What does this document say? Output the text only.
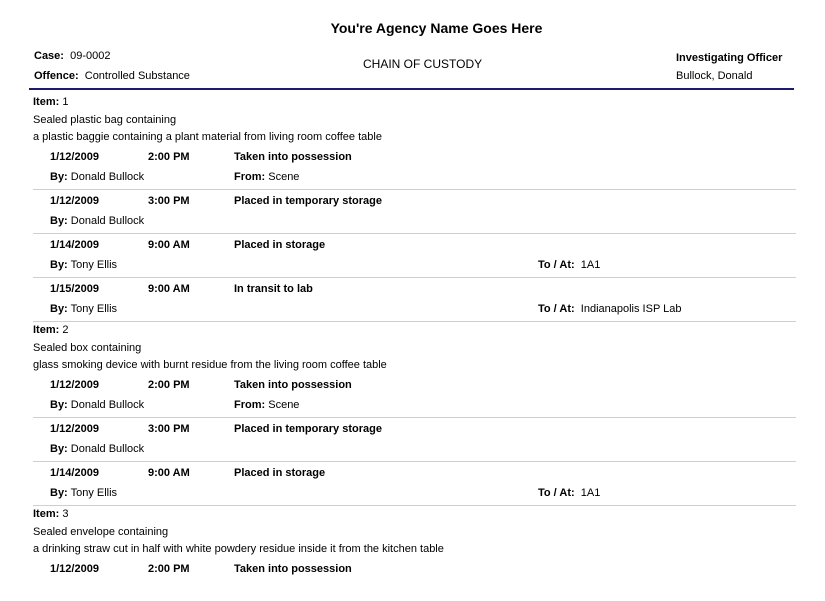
You're Agency Name Goes Here
Case: 09-0002
Offence: Controlled Substance
CHAIN OF CUSTODY	Investigating Officer
Bullock, Donald
Item: 1
Sealed plastic bag containing
a plastic baggie containing a plant material from living room coffee table
1/12/2009	2:00 PM	Taken into possession
By: Donald Bullock	From: Scene
1/12/2009	3:00 PM	Placed in temporary storage
By: Donald Bullock
1/14/2009	9:00 AM	Placed in storage
By: Tony Ellis	To / At: 1A1
1/15/2009	9:00 AM	In transit to lab
By: Tony Ellis	To / At: Indianapolis ISP Lab
Item: 2
Sealed box containing
glass smoking device with burnt residue from the living room coffee table
1/12/2009	2:00 PM	Taken into possession
By: Donald Bullock	From: Scene
1/12/2009	3:00 PM	Placed in temporary storage
By: Donald Bullock
1/14/2009	9:00 AM	Placed in storage
By: Tony Ellis	To / At: 1A1
Item: 3
Sealed envelope containing
a drinking straw cut in half with white powdery residue inside it from the kitchen table
1/12/2009	2:00 PM	Taken into possession
